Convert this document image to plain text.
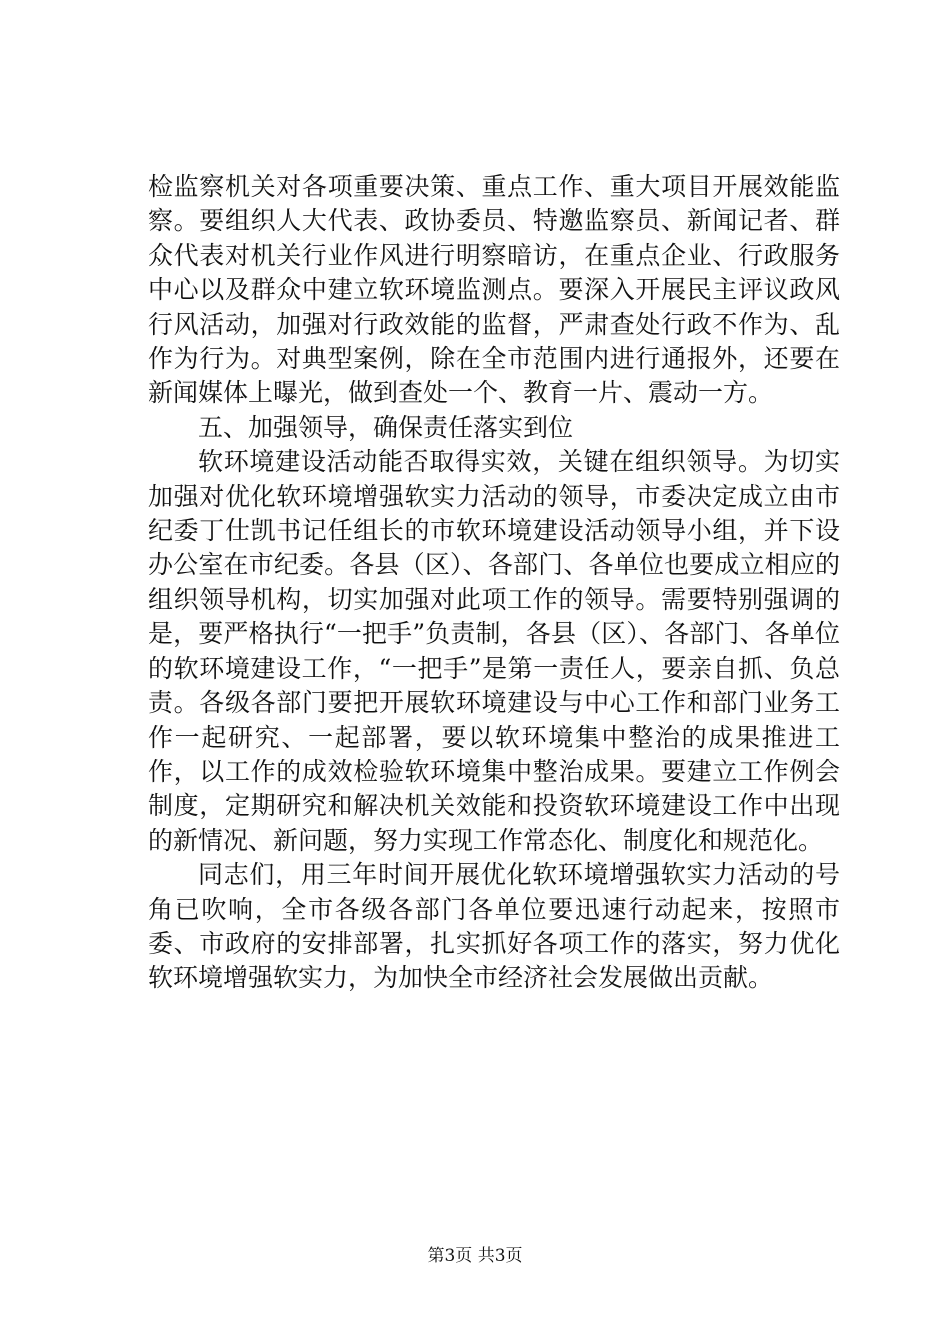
检监察机关对各项重要决策、重点工作、重大项目开展效能监察。要组织人大代表、政协委员、特邀监察员、新闻记者、群众代表对机关行业作风进行明察暗访，在重点企业、行政服务中心以及群众中建立软环境监测点。要深入开展民主评议政风行风活动，加强对行政效能的监督，严肃查处行政不作为、乱作为行为。对典型案例，除在全市范围内进行通报外，还要在新闻媒体上曝光，做到查处一个、教育一片、震动一方。

五、加强领导，确保责任落实到位

软环境建设活动能否取得实效，关键在组织领导。为切实加强对优化软环境增强软实力活动的领导，市委决定成立由市纪委丁仕凯书记任组长的市软环境建设活动领导小组，并下设办公室在市纪委。各县（区）、各部门、各单位也要成立相应的组织领导机构，切实加强对此项工作的领导。需要特别强调的是，要严格执行“一把手”负责制，各县（区）、各部门、各单位的软环境建设工作，“一把手”是第一责任人，要亲自抓、负总责。各级各部门要把开展软环境建设与中心工作和部门业务工作一起研究、一起部署，要以软环境集中整治的成果推进工作，以工作的成效检验软环境集中整治成果。要建立工作例会制度，定期研究和解决机关效能和投资软环境建设工作中出现的新情况、新问题，努力实现工作常态化、制度化和规范化。

同志们，用三年时间开展优化软环境增强软实力活动的号角已吹响，全市各级各部门各单位要迅速行动起来，按照市委、市政府的安排部署，扎实抓好各项工作的落实，努力优化软环境增强软实力，为加快全市经济社会发展做出贡献。

第3页 共3页
